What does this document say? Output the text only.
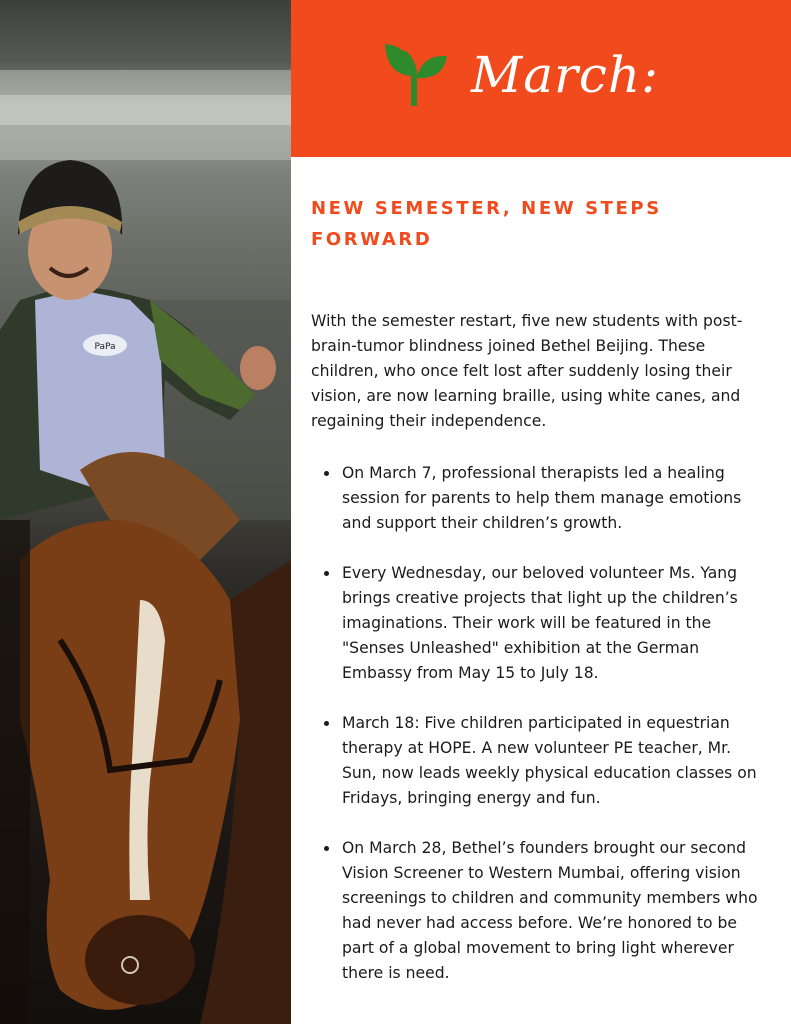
PaPa
March:
NEW SEMESTER, NEW STEPS FORWARD

With the semester restart, five new students with post-brain-tumor blindness joined Bethel Beijing. These children, who once felt lost after suddenly losing their vision, are now learning braille, using white canes, and regaining their independence.

On March 7, professional therapists led a healing session for parents to help them manage emotions and support their children’s growth.
Every Wednesday, our beloved volunteer Ms. Yang brings creative projects that light up the children’s imaginations. Their work will be featured in the "Senses Unleashed" exhibition at the German Embassy from May 15 to July 18.
March 18: Five children participated in equestrian therapy at HOPE. A new volunteer PE teacher, Mr. Sun, now leads weekly physical education classes on Fridays, bringing energy and fun.
On March 28, Bethel’s founders brought our second Vision Screener to Western Mumbai, offering vision screenings to children and community members who had never had access before. We’re honored to be part of a global movement to bring light wherever there is need.
